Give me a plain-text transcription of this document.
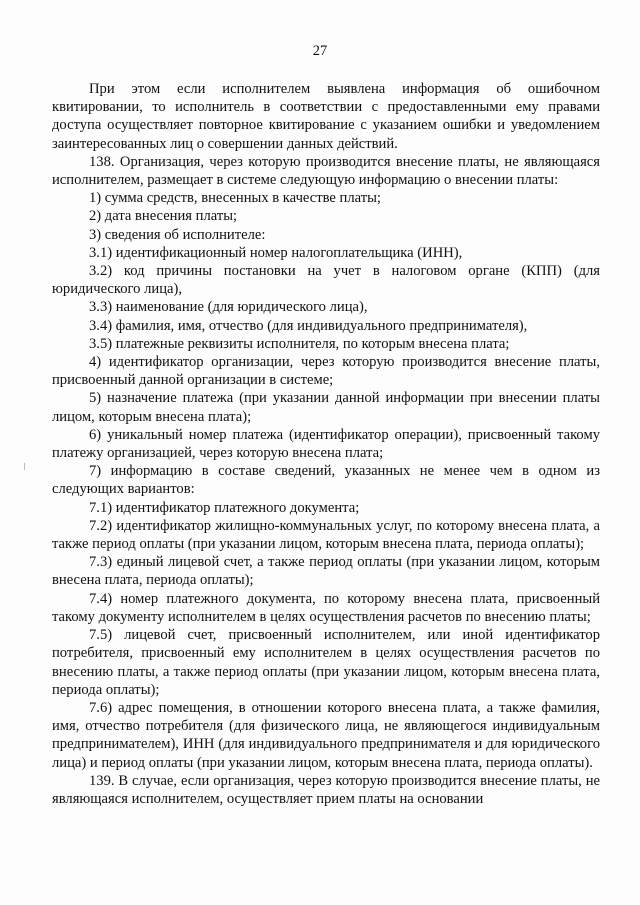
27

При этом если исполнителем выявлена информация об ошибочном квитировании, то исполнитель в соответствии с предоставленными ему правами доступа осуществляет повторное квитирование с указанием ошибки и уведомлением заинтересованных лиц о совершении данных действий.

138. Организация, через которую производится внесение платы, не являющаяся исполнителем, размещает в системе следующую информацию о внесении платы:

1) сумма средств, внесенных в качестве платы;

2) дата внесения платы;

3) сведения об исполнителе:

3.1) идентификационный номер налогоплательщика (ИНН),

3.2) код причины постановки на учет в налоговом органе (КПП) (для юридического лица),

3.3) наименование (для юридического лица),

3.4) фамилия, имя, отчество (для индивидуального предпринимателя),

3.5) платежные реквизиты исполнителя, по которым внесена плата;

4) идентификатор организации, через которую производится внесение платы, присвоенный данной организации в системе;

5) назначение платежа (при указании данной информации при внесении платы лицом, которым внесена плата);

6) уникальный номер платежа (идентификатор операции), присвоенный такому платежу организацией, через которую внесена плата;

7) информацию в составе сведений, указанных не менее чем в одном из следующих вариантов:

7.1) идентификатор платежного документа;

7.2) идентификатор жилищно-коммунальных услуг, по которому внесена плата, а также период оплаты (при указании лицом, которым внесена плата, периода оплаты);

7.3) единый лицевой счет, а также период оплаты (при указании лицом, которым внесена плата, периода оплаты);

7.4) номер платежного документа, по которому внесена плата, присвоенный такому документу исполнителем в целях осуществления расчетов по внесению платы;

7.5) лицевой счет, присвоенный исполнителем, или иной идентификатор потребителя, присвоенный ему исполнителем в целях осуществления расчетов по внесению платы, а также период оплаты (при указании лицом, которым внесена плата, периода оплаты);

7.6) адрес помещения, в отношении которого внесена плата, а также фамилия, имя, отчество потребителя (для физического лица, не являющегося индивидуальным предпринимателем), ИНН (для индивидуального предпринимателя и для юридического лица) и период оплаты (при указании лицом, которым внесена плата, периода оплаты).

139. В случае, если организация, через которую производится внесение платы, не являющаяся исполнителем, осуществляет прием платы на основании
